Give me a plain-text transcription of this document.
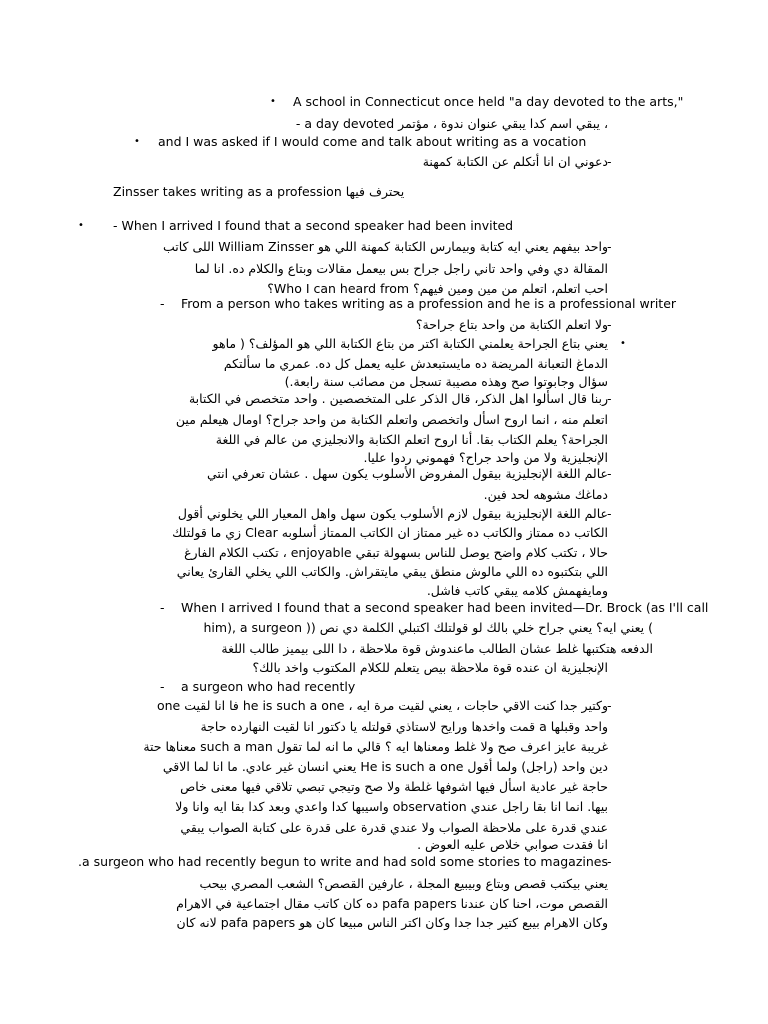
•
•
-
•
-
-
-
•
-
-
-
-
-
-
-
A school in Connecticut once held "a day devoted to the arts,"
- a day devoted يبقي اسم كدا يبقي عنوان ندوة ، مؤتمر ،
and I was asked if I would come and talk about writing as a vocation
دعوني ان انا أتكلم عن الكتابة كمهنة
Zinsser takes writing as a profession يحترف فيها
- When I arrived I found that a second speaker had been invited
واحد بيفهم يعني ايه كتابة وبيمارس الكتابة كمهنة اللي هو William Zinsser اللى كاتب
المقالة دي وفي واحد تاني راجل جراح بس بيعمل مقالات وبتاع والكلام ده. انا لما
احب اتعلم، اتعلم من مين ومين فيهم؟ Who I can heard from؟
From a person who takes writing as a profession and he is a professional writer
ولا اتعلم الكتابة من واحد بتاع جراحة؟
يعني بتاع الجراحة يعلمني الكتابة اكتر من بتاع الكتابة اللي هو المؤلف؟ ( ماهو
الدماغ التعبانة المريضة ده مايستبعدش عليه يعمل كل ده. عمري ما سألتكم
سؤال وجابوتوا صح وهذه مصيبة تسجل من مصائب سنة رابعة.)
ربنا قال اسألوا اهل الذكر، قال الذكر على المتخصصين . واحد متخصص في الكتابة
اتعلم منه ، انما اروح اسأل واتخصص واتعلم الكتابة من واحد جراح؟ اومال هيعلم مين
الجراحة؟ يعلم الكتاب بقا. أنا اروح اتعلم الكتابة والانجليزي من عالم في اللغة
الإنجليزية ولا من واحد جراح؟ فهموني ردوا عليا.
عالم اللغة الإنجليزية بيقول المفروض الأسلوب يكون سهل . عشان تعرفي انتي
دماغك مشوهه لحد فين.
عالم اللغة الإنجليزية بيقول لازم الأسلوب يكون سهل واهل المعيار اللي يخلوني أقول
الكاتب ده ممتاز والكاتب ده غير ممتاز ان الكاتب الممتاز أسلوبه Clear زي ما قولتلك
حالا ، تكتب كلام واضح يوصل للناس بسهولة تبقي enjoyable ، تكتب الكلام الفارغ
اللي بتكتبوه ده اللي مالوش منطق يبقي مايتقراش. والكاتب اللي يخلي القارئ يعاني
ومايفهمش كلامه يبقي كاتب فاشل.
When I arrived I found that a second speaker had been invited—Dr. Brock (as I'll call
him), a surgeon )) يعني ايه؟ يعني جراح خلي بالك لو قولتلك اكتبلي الكلمة دي نص (
الدفعه هتكتبها غلط عشان الطالب ماعندوش قوة ملاحظة ، دا اللى بيميز طالب اللغة
الإنجليزية ان عنده قوة ملاحظة بيص يتعلم للكلام المكتوب واخد بالك؟
a surgeon who had recently
وكتير جدا كنت الاقي حاجات ، يعني لقيت مرة ايه ، he is such a one فا انا لقيت one
واحد وقبلها a قمت واخدها ورايح لاستاذي قولتله يا دكتور انا لقيت النهارده حاجة
غريبة عايز اعرف صح ولا غلط ومعناها ايه ؟ قالي ما انه لما تقول such a man معناها حتة
دين واحد (راجل) ولما أقول He is such a one يعني انسان غير عادي. ما انا لما الاقي
حاجة غير عادية اسأل فيها اشوفها غلطة ولا صح وتيجي تبصي تلاقي فيها معنى خاص
بيها. انما انا بقا راجل عندي observation واسيبها كدا واعدي وبعد كدا بقا ايه وانا ولا
عندي قدرة على ملاحظة الصواب ولا عندي قدرة على قدرة على كتابة الصواب يبقي
انا فقدت صوابي خلاص عليه العوض .
.a surgeon who had recently begun to write and had sold some stories to magazines
يعني بيكتب قصص وبتاع وبيبيع المجلة ، عارفين القصص؟ الشعب المصري بيحب
القصص موت، احنا كان عندنا pafa papers ده كان كاتب مقال اجتماعية في الاهرام
وكان الاهرام بيبع كتير جدا جدا وكان اكتر الناس مبيعا كان هو pafa papers لانه كان
